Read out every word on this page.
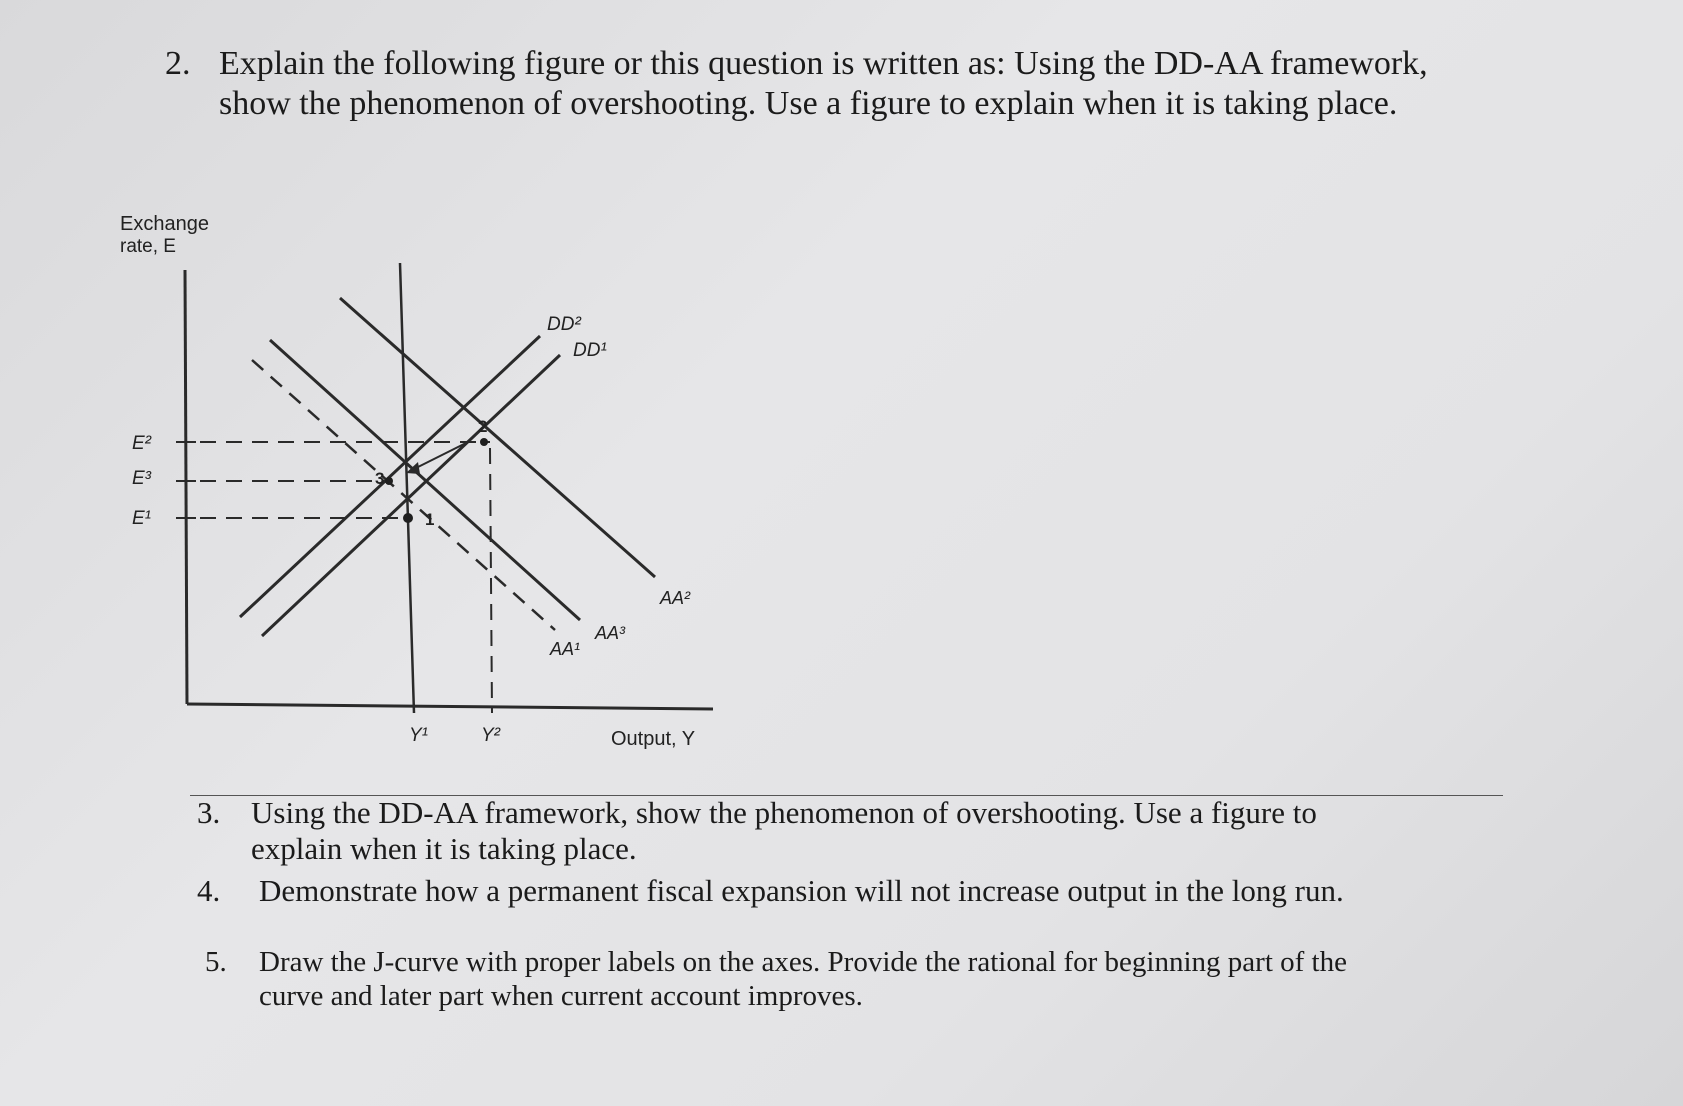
2. Explain the following figure or this question is written as: Using the DD-AA framework,
show the phenomenon of overshooting. Use a figure to explain when it is taking place.
Exchange
rate, E
Output, Y
E²
E³
E¹
Y¹	Y²
1
2
3
DD²
DD¹
AA²
AA³
AA¹
3. Using the DD-AA framework, show the phenomenon of overshooting. Use a figure to
explain when it is taking place.
4. Demonstrate how a permanent fiscal expansion will not increase output in the long run.
5. Draw the J-curve with proper labels on the axes. Provide the rational for beginning part of the
curve and later part when current account improves.
